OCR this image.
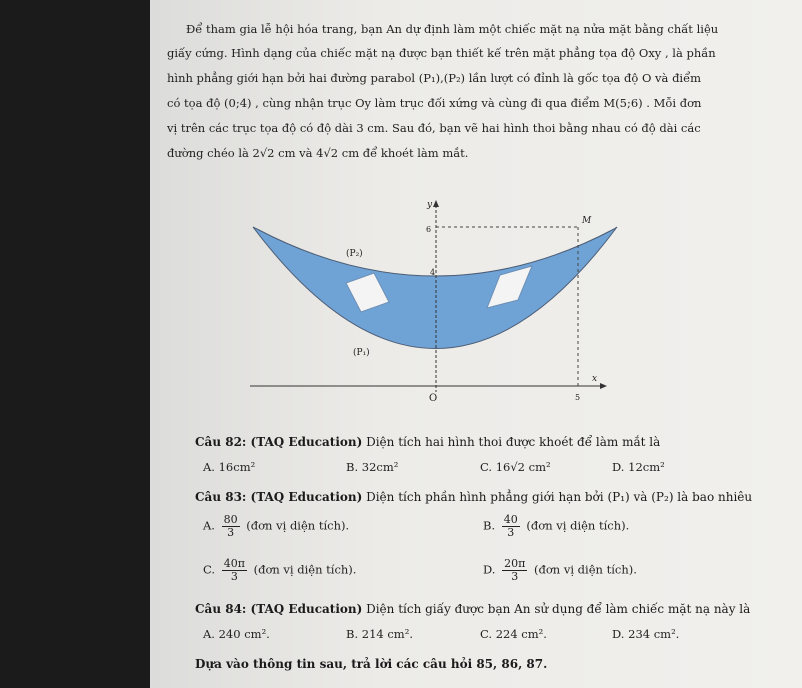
Để tham gia lễ hội hóa trang, bạn An dự định làm một chiếc mặt nạ nửa mặt bằng chất liệu
giấy cứng. Hình dạng của chiếc mặt nạ được bạn thiết kế trên mặt phẳng tọa độ Oxy , là phần
hình phẳng giới hạn bởi hai đường parabol (P₁),(P₂) lần lượt có đỉnh là gốc tọa độ O và điểm
có tọa độ (0;4) , cùng nhận trục Oy làm trục đối xứng và cùng đi qua điểm M(5;6) . Mỗi đơn
vị trên các trục tọa độ có độ dài 3 cm. Sau đó, bạn vẽ hai hình thoi bằng nhau có độ dài các
đường chéo là 2√2 cm và 4√2 cm để khoét làm mắt.
y
x
O	5
6
4
M
(P₂)
(P₁)
Câu 82: (TAQ Education) Diện tích hai hình thoi được khoét để làm mắt là
A. 16cm²	B. 32cm²	C. 16√2 cm²	D. 12cm²
Câu 83: (TAQ Education) Diện tích phần hình phẳng giới hạn bởi (P₁) và (P₂) là bao nhiêu
A. $\frac{80}{3}$ (đơn vị diện tích).	B. $\frac{40}{3}$ (đơn vị diện tích).
C. $\frac{40\pi}{3}$ (đơn vị diện tích).	D. $\frac{20\pi}{3}$ (đơn vị diện tích).
Câu 84: (TAQ Education) Diện tích giấy được bạn An sử dụng để làm chiếc mặt nạ này là
A. 240 cm².	B. 214 cm².	C. 224 cm².	D. 234 cm².
Dựa vào thông tin sau, trả lời các câu hỏi 85, 86, 87.
